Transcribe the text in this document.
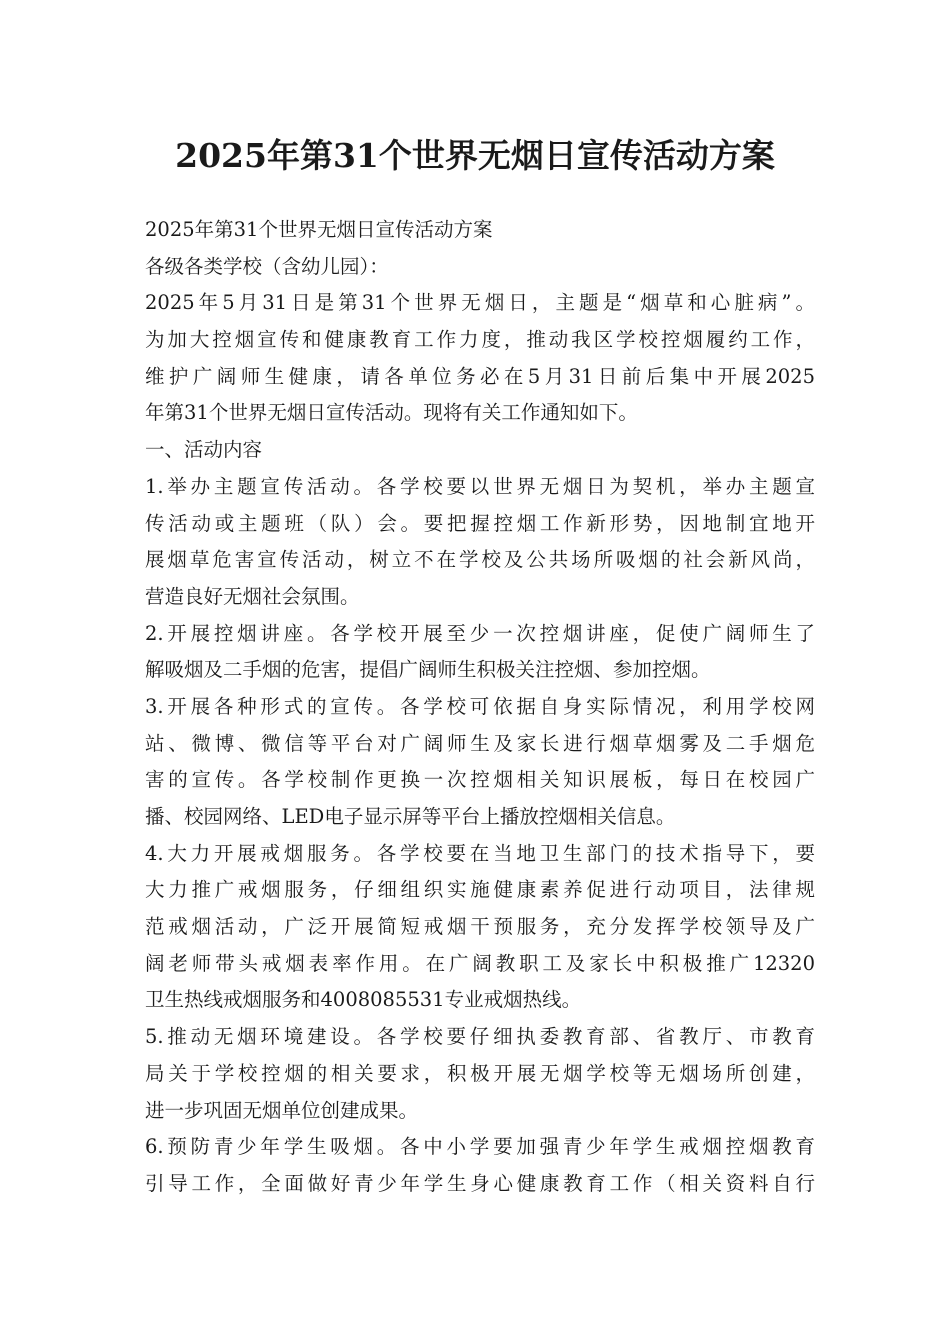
2025年第31个世界无烟日宣传活动方案
2025年第31个世界无烟日宣传活动方案
各级各类学校（含幼儿园）：
2025年5月31日是第31个世界无烟日，主题是“烟草和心脏病”。
为加大控烟宣传和健康教育工作力度，推动我区学校控烟履约工作，
维护广阔师生健康，请各单位务必在5月31日前后集中开展2025
年第31个世界无烟日宣传活动。现将有关工作通知如下。
一、活动内容
1.举办主题宣传活动。各学校要以世界无烟日为契机，举办主题宣
传活动或主题班（队）会。要把握控烟工作新形势，因地制宜地开
展烟草危害宣传活动，树立不在学校及公共场所吸烟的社会新风尚，
营造良好无烟社会氛围。
2.开展控烟讲座。各学校开展至少一次控烟讲座，促使广阔师生了
解吸烟及二手烟的危害，提倡广阔师生积极关注控烟、参加控烟。
3.开展各种形式的宣传。各学校可依据自身实际情况，利用学校网
站、微博、微信等平台对广阔师生及家长进行烟草烟雾及二手烟危
害的宣传。各学校制作更换一次控烟相关知识展板，每日在校园广
播、校园网络、LED电子显示屏等平台上播放控烟相关信息。
4.大力开展戒烟服务。各学校要在当地卫生部门的技术指导下，要
大力推广戒烟服务，仔细组织实施健康素养促进行动项目，法律规
范戒烟活动，广泛开展简短戒烟干预服务，充分发挥学校领导及广
阔老师带头戒烟表率作用。在广阔教职工及家长中积极推广12320
卫生热线戒烟服务和4008085531专业戒烟热线。
5.推动无烟环境建设。各学校要仔细执委教育部、省教厅、市教育
局关于学校控烟的相关要求，积极开展无烟学校等无烟场所创建，
进一步巩固无烟单位创建成果。
6.预防青少年学生吸烟。各中小学要加强青少年学生戒烟控烟教育
引导工作，全面做好青少年学生身心健康教育工作（相关资料自行
